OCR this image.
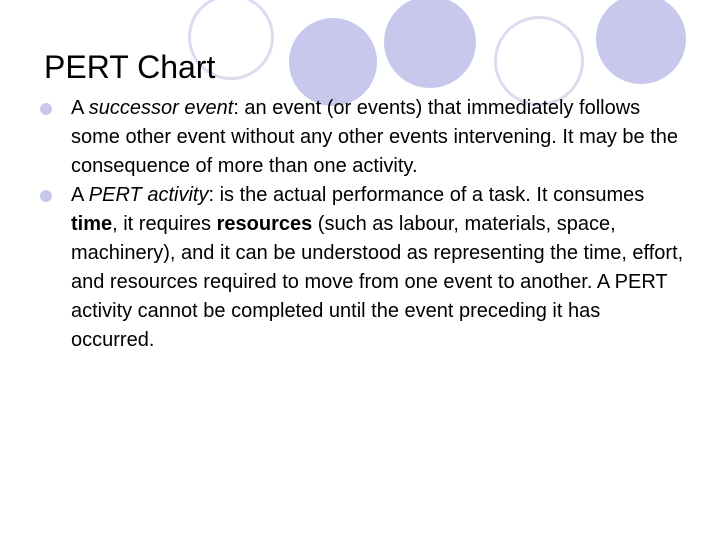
PERT Chart
A successor event: an event (or events) that immediately follows some other event without any other events intervening. It may be the consequence of more than one activity.
A PERT activity: is the actual performance of a task. It consumes time, it requires resources (such as labour, materials, space, machinery), and it can be understood as representing the time, effort, and resources required to move from one event to another. A PERT activity cannot be completed until the event preceding it has occurred.
